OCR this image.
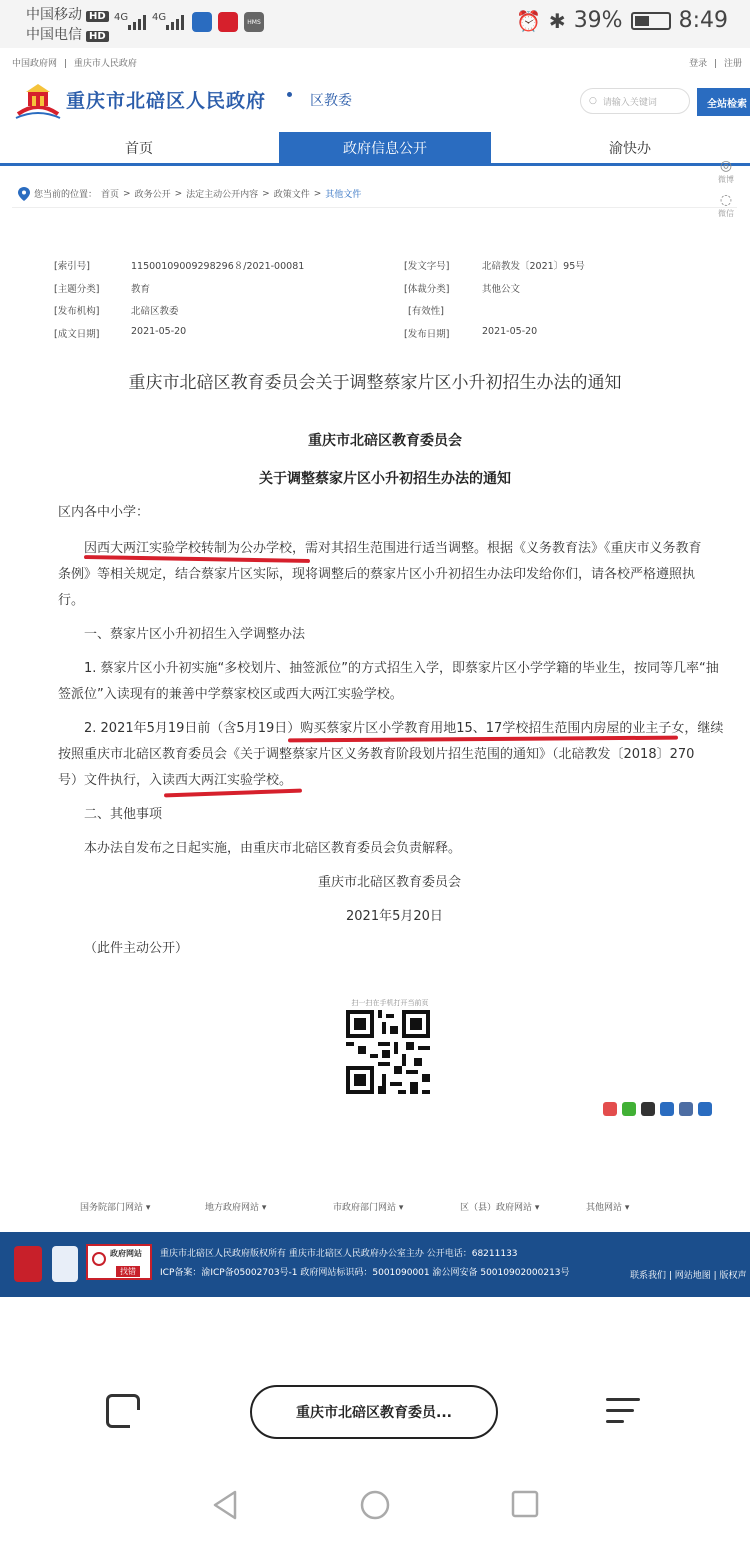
中国移动 HD
中国电信 HD
4G 4G	HMS	⏰ ✱ 39%	8:49
中国政府网 | 重庆市人民政府	登录 | 注册
重庆市北碚区人民政府	区教委	○ 请输入关键词	全站检索
首页	政府信息公开	渝快办
◎
微博
◌
微信
您当前的位置： 首页 > 政务公开 > 法定主动公开内容 > 政策文件 > 其他文件
[索引号]	11500109009298296８/2021-00081	[发文字号]	北碚教发〔2021〕95号
[主题分类]	教育	[体裁分类]	其他公文
[发布机构]	北碚区教委	[有效性]
[成文日期]	2021-05-20	[发布日期]	2021-05-20
重庆市北碚区教育委员会关于调整蔡家片区小升初招生办法的通知
重庆市北碚区教育委员会
关于调整蔡家片区小升初招生办法的通知
区内各中小学：
因西大两江实验学校转制为公办学校，需对其招生范围进行适当调整。根据《义务教育法》《重庆市义务教育
条例》等相关规定，结合蔡家片区实际，现将调整后的蔡家片区小升初招生办法印发给你们，请各校严格遵照执
行。
一、蔡家片区小升初招生入学调整办法
1. 蔡家片区小升初实施“多校划片、抽签派位”的方式招生入学，即蔡家片区小学学籍的毕业生，按同等几率“抽
签派位”入读现有的兼善中学蔡家校区或西大两江实验学校。
2. 2021年5月19日前（含5月19日）购买蔡家片区小学教育用地15、17学校招生范围内房屋的业主子女，继续
按照重庆市北碚区教育委员会《关于调整蔡家片区义务教育阶段划片招生范围的通知》（北碚教发〔2018〕270
号）文件执行，入读西大两江实验学校。
二、其他事项
本办法自发布之日起实施，由重庆市北碚区教育委员会负责解释。
重庆市北碚区教育委员会
2021年5月20日
（此件主动公开）
扫一扫在手机打开当前页
国务院部门网站 ▾	地方政府网站 ▾	市政府部门网站 ▾	区（县）政府网站 ▾	其他网站 ▾
政府网站
找错
重庆市北碚区人民政府版权所有 重庆市北碚区人民政府办公室主办 公开电话：68211133
ICP备案：渝ICP备05002703号-1 政府网站标识码：5001090001 渝公网安备 50010902000213号	联系我们 | 网站地图 | 版权声
重庆市北碚区教育委员...
